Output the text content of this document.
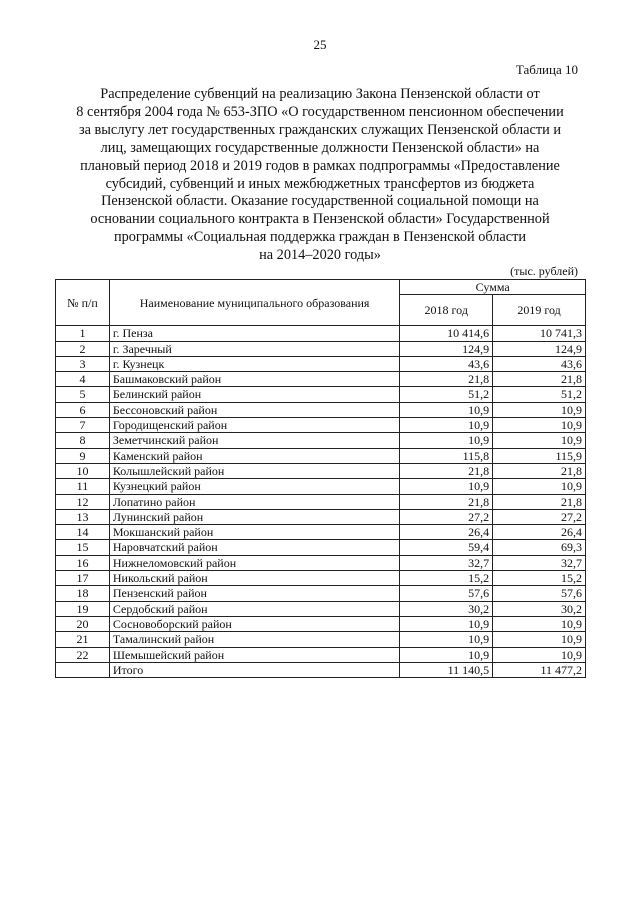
25
Таблица 10
Распределение субвенций на реализацию Закона Пензенской области от
8 сентября 2004 года № 653-ЗПО «О государственном пенсионном обеспечении
за выслугу лет государственных гражданских служащих Пензенской области и
лиц, замещающих государственные должности Пензенской области» на
плановый период 2018 и 2019 годов в рамках подпрограммы «Предоставление
субсидий, субвенций и иных межбюджетных трансфертов из бюджета
Пензенской области. Оказание государственной социальной помощи на
основании социального контракта в Пензенской области» Государственной
программы «Социальная поддержка граждан в Пензенской области
на 2014–2020 годы»
(тыс. рублей)
№ п/п	Наименование муниципального образования	Сумма	
		2018 год	2019 год
1	г. Пенза	10 414,6	10 741,3
2	г. Заречный	124,9	124,9
3	г. Кузнецк	43,6	43,6
4	Башмаковский район	21,8	21,8
5	Белинский район	51,2	51,2
6	Бессоновский район	10,9	10,9
7	Городищенский район	10,9	10,9
8	Земетчинский район	10,9	10,9
9	Каменский район	115,8	115,9
10	Колышлейский район	21,8	21,8
11	Кузнецкий район	10,9	10,9
12	Лопатино район	21,8	21,8
13	Лунинский район	27,2	27,2
14	Мокшанский район	26,4	26,4
15	Наровчатский район	59,4	69,3
16	Нижнеломовский район	32,7	32,7
17	Никольский район	15,2	15,2
18	Пензенский район	57,6	57,6
19	Сердобский район	30,2	30,2
20	Сосновоборский район	10,9	10,9
21	Тамалинский район	10,9	10,9
22	Шемышейский район	10,9	10,9
	Итого	11 140,5	11 477,2
